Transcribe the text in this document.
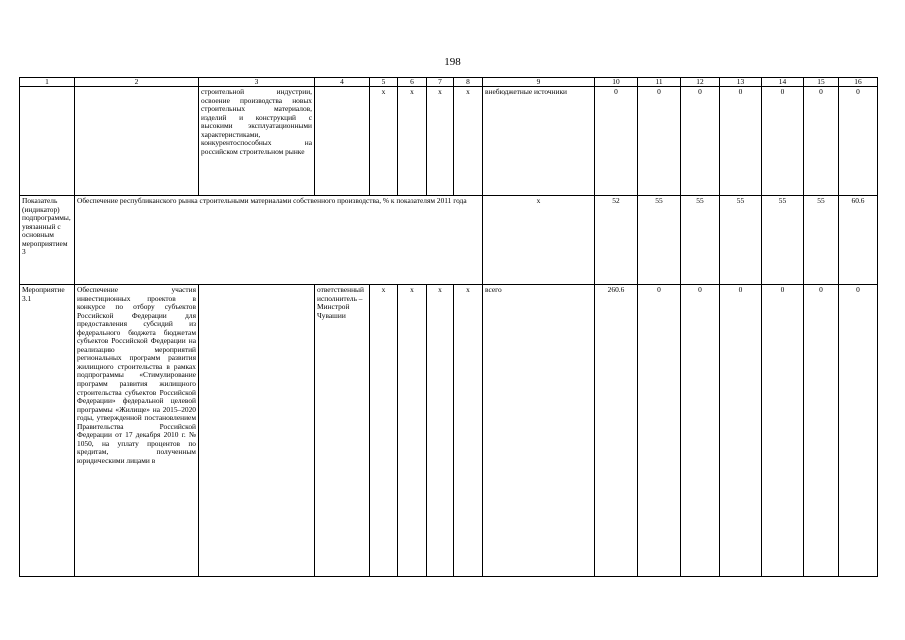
198
1	2	3	4	5	6	7	8	9	10	11	12	13	14	15	16
		строительной индустрии, освоение производства новых строительных материалов, изделий и конструкций с высокими эксплуатационными характеристиками, конкурентоспособных на российском строительном рынке		x	x	x	x	внебюджетные источники	0	0	0	0	0	0	0
Показатель (индикатор) подпрограммы, увязанный с основным мероприятием 3	Обеспечение республиканского рынка строительными материалами собственного производства, % к показателям 2011 года							x	52	55	55	55	55	55	60.6
Мероприятие 3.1	Обеспечение участия инвестиционных проектов в конкурсе по отбору субъектов Российской Федерации для предоставления субсидий из федерального бюджета бюджетам субъектов Российской Федерации на реализацию мероприятий региональных программ развития жилищного строительства в рамках подпрограммы «Стимулирование программ развития жилищного строительства субъектов Российской Федерации» федеральной целевой программы «Жилище» на 2015–2020 годы, утвержденной постановлением Правительства Российской Федерации от 17 декабря 2010 г. № 1050, на уплату процентов по кредитам, полученным юридическими лицами в		ответственный исполнитель – Минстрой Чувашии	x	x	x	x	всего	260.6	0	0	0	0	0	0
